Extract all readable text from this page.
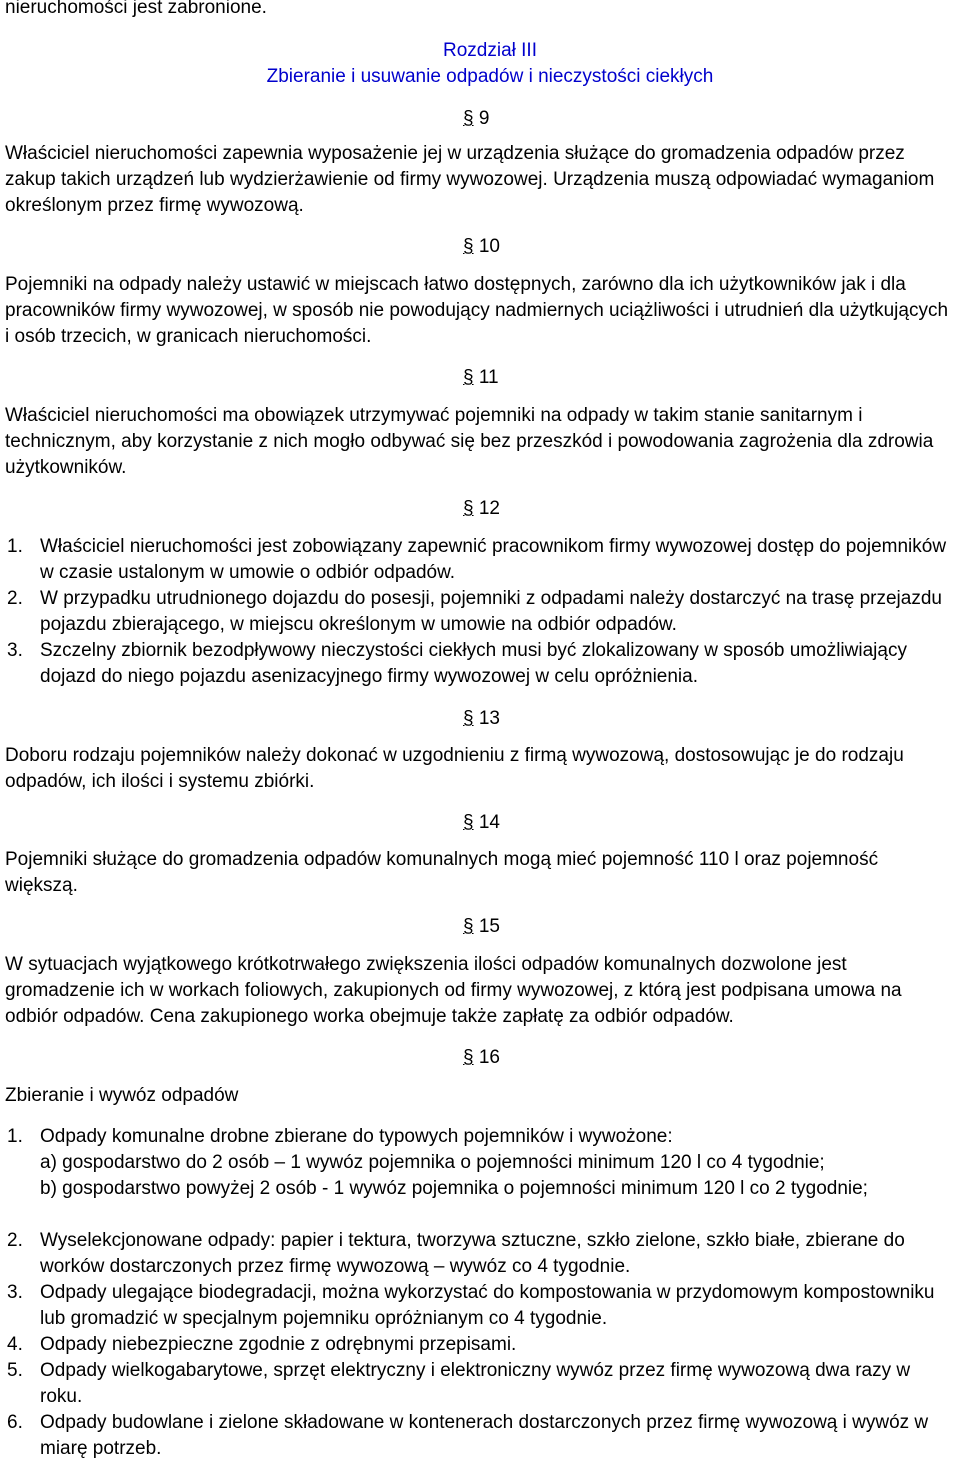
nieruchomości jest zabronione.
Rozdział III
Zbieranie i usuwanie odpadów i nieczystości ciekłych
§ 9

Właściciel nieruchomości zapewnia wyposażenie jej w urządzenia służące do gromadzenia odpadów przez zakup takich urządzeń lub wydzierżawienie od firmy wywozowej. Urządzenia muszą odpowiadać wymaganiom określonym przez firmę wywozową.

§ 10

Pojemniki na odpady należy ustawić w miejscach łatwo dostępnych, zarówno dla ich użytkowników jak i dla pracowników firmy wywozowej, w sposób nie powodujący nadmiernych uciążliwości i utrudnień dla użytkujących i osób trzecich, w granicach nieruchomości.

§ 11

Właściciel nieruchomości ma obowiązek utrzymywać pojemniki na odpady w takim stanie sanitarnym i technicznym, aby korzystanie z nich mogło odbywać się bez przeszkód i powodowania zagrożenia dla zdrowia użytkowników.

§ 12
1. Właściciel nieruchomości jest zobowiązany zapewnić pracownikom firmy wywozowej dostęp do pojemników w czasie ustalonym w umowie o odbiór odpadów.
2. W przypadku utrudnionego dojazdu do posesji, pojemniki z odpadami należy dostarczyć na trasę przejazdu pojazdu zbierającego, w miejscu określonym w umowie na odbiór odpadów.
3. Szczelny zbiornik bezodpływowy nieczystości ciekłych musi być zlokalizowany w sposób umożliwiający dojazd do niego pojazdu asenizacyjnego firmy wywozowej w celu opróżnienia.
§ 13

Doboru rodzaju pojemników należy dokonać w uzgodnieniu z firmą wywozową, dostosowując je do rodzaju odpadów, ich ilości i systemu zbiórki.

§ 14

Pojemniki służące do gromadzenia odpadów komunalnych mogą mieć pojemność 110 l oraz pojemność większą.

§ 15

W sytuacjach wyjątkowego krótkotrwałego zwiększenia ilości odpadów komunalnych dozwolone jest gromadzenie ich w workach foliowych, zakupionych od firmy wywozowej, z którą jest podpisana umowa na odbiór odpadów. Cena zakupionego worka obejmuje także zapłatę za odbiór odpadów.

§ 16
Zbieranie i wywóz odpadów
1. Odpady komunalne drobne zbierane do typowych pojemników i wywożone:
a) gospodarstwo do 2 osób – 1 wywóz pojemnika o pojemności minimum 120 l co 4 tygodnie;
b) gospodarstwo powyżej 2 osób - 1 wywóz pojemnika o pojemności minimum 120 l co 2 tygodnie;
2. Wyselekcjonowane odpady: papier i tektura, tworzywa sztuczne, szkło zielone, szkło białe, zbierane do worków dostarczonych przez firmę wywozową – wywóz co 4 tygodnie.
3. Odpady ulegające biodegradacji, można wykorzystać do kompostowania w przydomowym kompostowniku lub gromadzić w specjalnym pojemniku opróżnianym co 4 tygodnie.
4. Odpady niebezpieczne zgodnie z odrębnymi przepisami.
5. Odpady wielkogabarytowe, sprzęt elektryczny i elektroniczny wywóz przez firmę wywozową dwa razy w roku.
6. Odpady budowlane i zielone składowane w kontenerach dostarczonych przez firmę wywozową i wywóz w miarę potrzeb.
